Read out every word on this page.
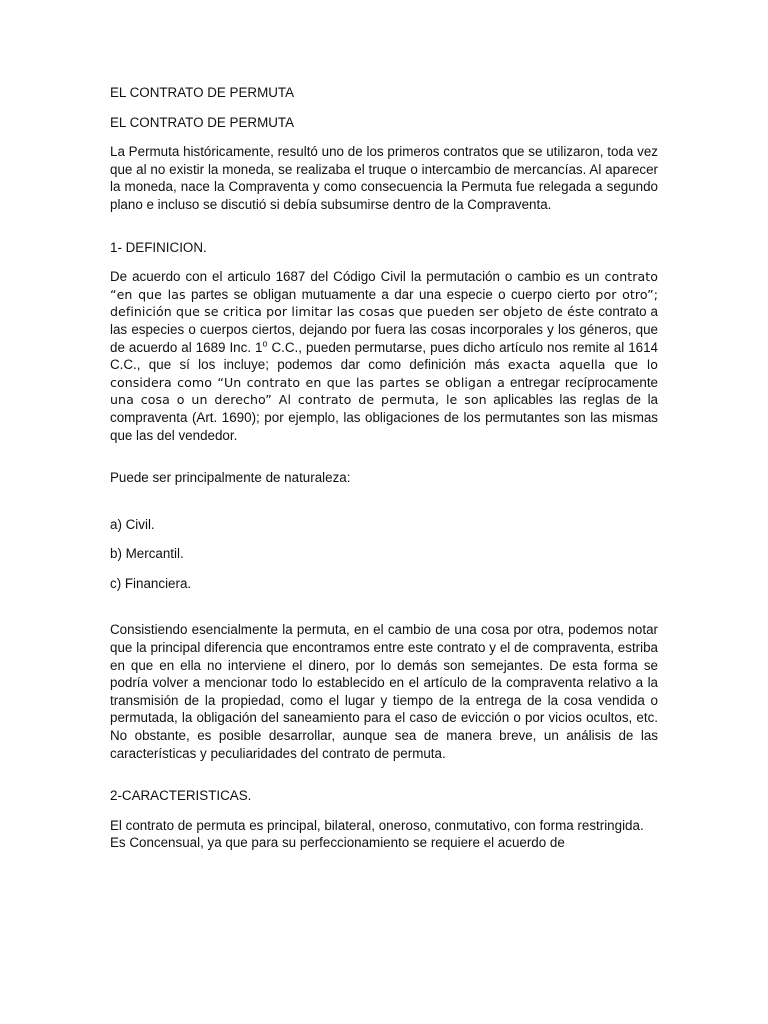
EL CONTRATO DE PERMUTA

EL CONTRATO DE PERMUTA

La Permuta históricamente, resultó uno de los primeros contratos que se utilizaron, toda vez que al no existir la moneda, se realizaba el truque o intercambio de mercancías. Al aparecer la moneda, nace la Compraventa y como consecuencia la Permuta fue relegada a segundo plano e incluso se discutió si debía subsumirse dentro de la Compraventa.

1- DEFINICION.

De acuerdo con el articulo 1687 del Código Civil la permutación o cambio es un contrato “en que las partes se obligan mutuamente a dar una especie o cuerpo cierto por otro”; definición que se critica por limitar las cosas que pueden ser objeto de éste contrato a las especies o cuerpos ciertos, dejando por fuera las cosas incorporales y los géneros, que de acuerdo al 1689 Inc. 1$^o$ C.C., pueden permutarse, pues dicho artículo nos remite al 1614 C.C., que sí los incluye; podemos dar como definición más exacta aquella que lo considera como “Un contrato en que las partes se obligan a entregar recíprocamente una cosa o un derecho” Al contrato de permuta, le son aplicables las reglas de la compraventa (Art. 1690); por ejemplo, las obligaciones de los permutantes son las mismas que las del vendedor.

Puede ser principalmente de naturaleza:

a) Civil.

b) Mercantil.

c) Financiera.

Consistiendo esencialmente la permuta, en el cambio de una cosa por otra, podemos notar que la principal diferencia que encontramos entre este contrato y el de compraventa, estriba en que en ella no interviene el dinero, por lo demás son semejantes. De esta forma se podría volver a mencionar todo lo establecido en el artículo de la compraventa relativo a la transmisión de la propiedad, como el lugar y tiempo de la entrega de la cosa vendida o permutada, la obligación del saneamiento para el caso de evicción o por vicios ocultos, etc. No obstante, es posible desarrollar, aunque sea de manera breve, un análisis de las características y peculiaridades del contrato de permuta.

2-CARACTERISTICAS.

El contrato de permuta es principal, bilateral, oneroso, conmutativo, con forma restringida.

Es Concensual, ya que para su perfeccionamiento se requiere el acuerdo de
